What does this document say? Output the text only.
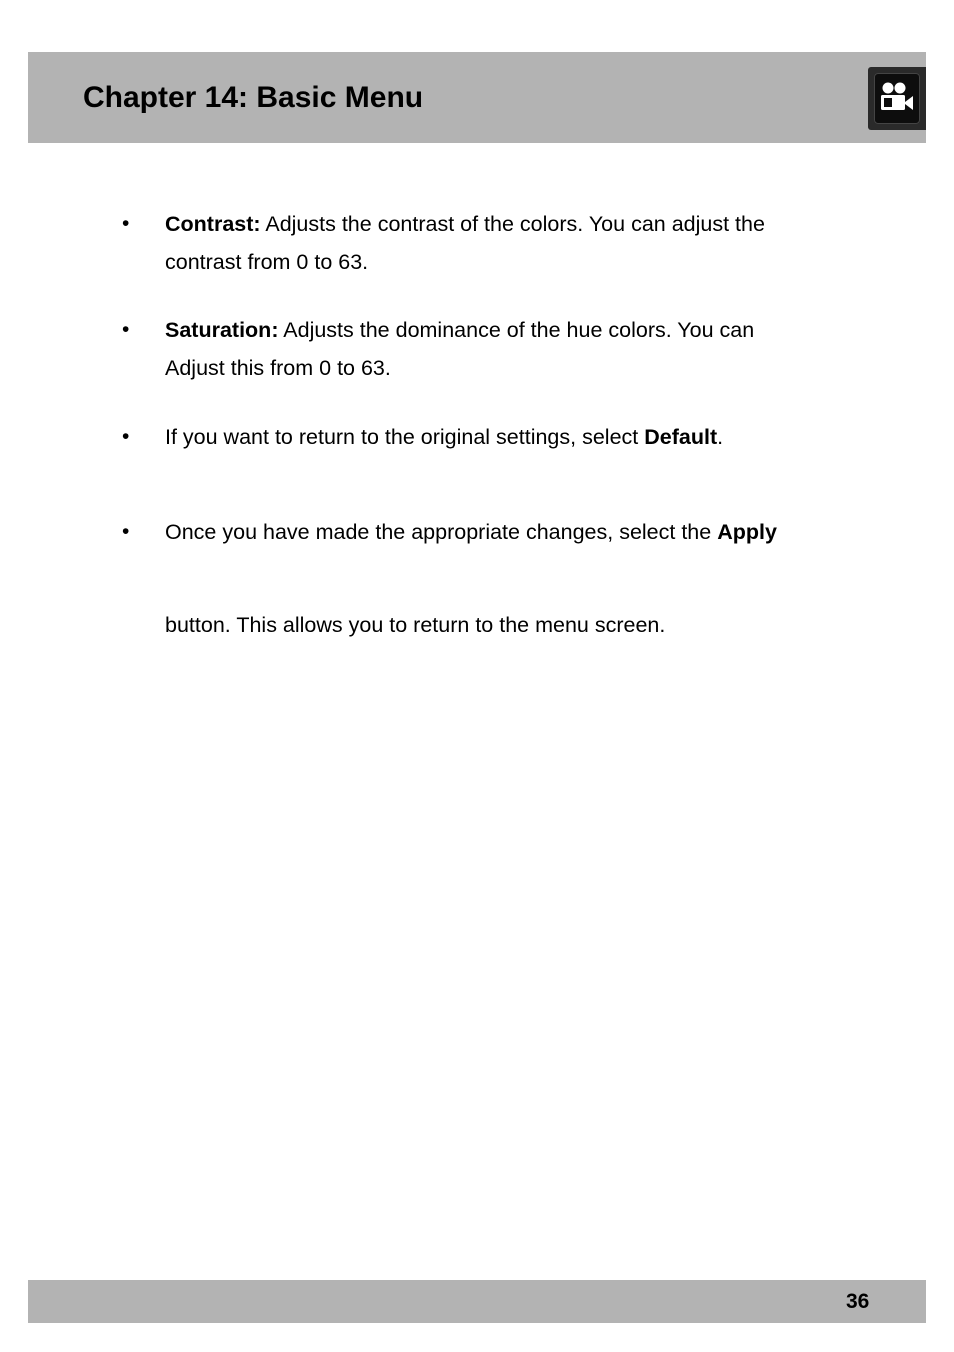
Chapter 14: Basic Menu
• Contrast: Adjusts the contrast of the colors. You can adjust the
contrast from 0 to 63.
• Saturation: Adjusts the dominance of the hue colors. You can
Adjust this from 0 to 63.
• If you want to return to the original settings, select Default.
• Once you have made the appropriate changes, select the Apply
button. This allows you to return to the menu screen.
36
